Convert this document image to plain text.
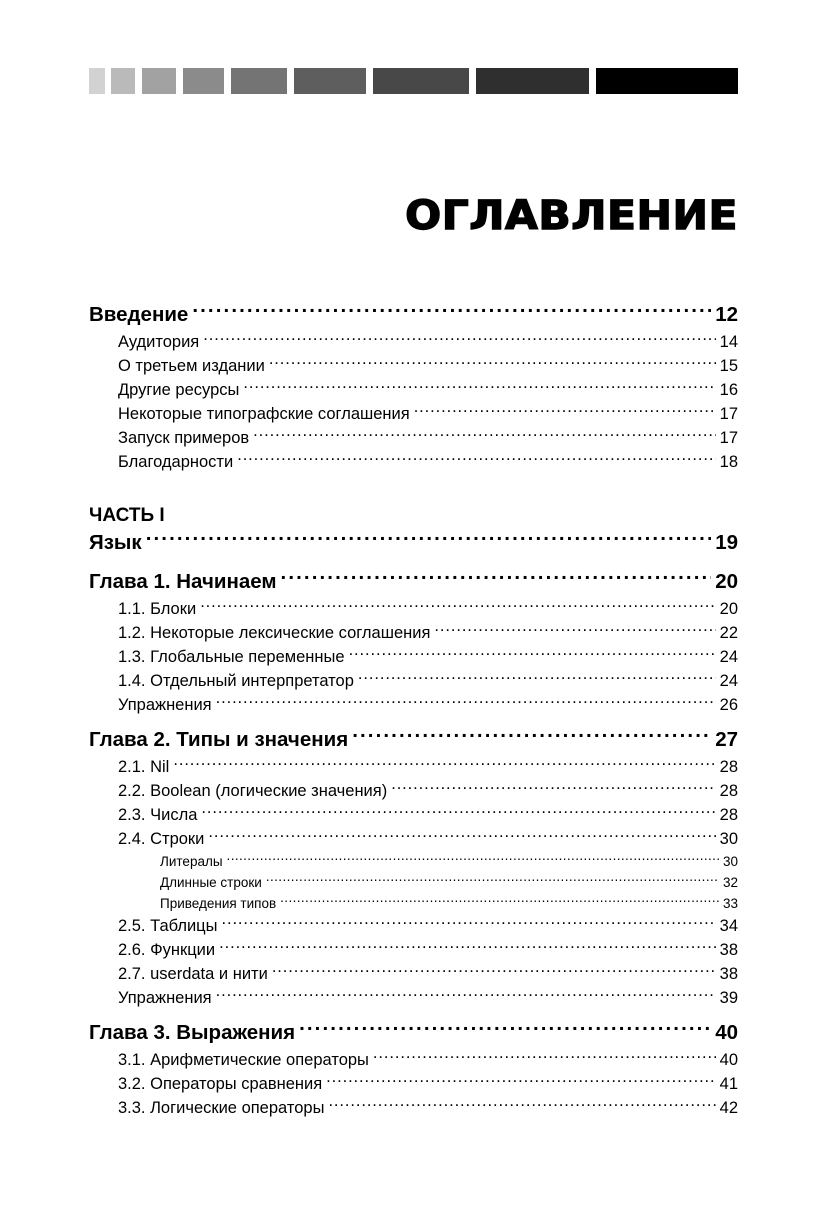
ОГЛАВЛЕНИЕ
Введение .....	12
Аудитория .....	14
О третьем издании .....	15
Другие ресурсы .....	16
Некоторые типографские соглашения .....	17
Запуск примеров .....	17
Благодарности .....	18
ЧАСТЬ I
Язык .....	19
Глава 1. Начинаем .....	20
1.1. Блоки .....	20
1.2. Некоторые лексические соглашения .....	22
1.3. Глобальные переменные .....	24
1.4. Отдельный интерпретатор .....	24
Упражнения .....	26
Глава 2. Типы и значения .....	27
2.1. Nil .....	28
2.2. Boolean (логические значения) .....	28
2.3. Числа .....	28
2.4. Строки .....	30
Литералы .....	30
Длинные строки .....	32
Приведения типов .....	33
2.5. Таблицы .....	34
2.6. Функции .....	38
2.7. userdata и нити .....	38
Упражнения .....	39
Глава 3. Выражения .....	40
3.1. Арифметические операторы .....	40
3.2. Операторы сравнения .....	41
3.3. Логические операторы .....	42
